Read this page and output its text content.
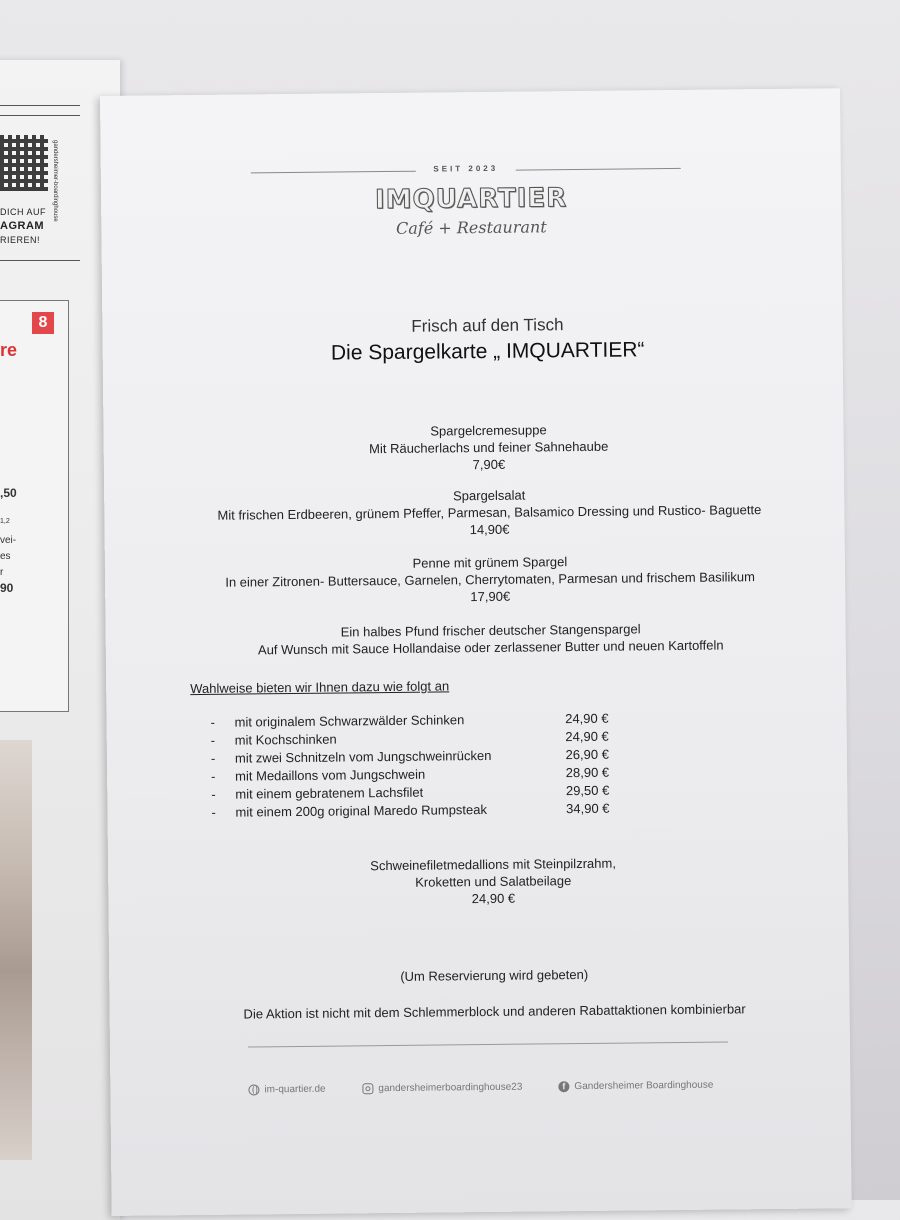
gandersheimer-boardinghouse
DICH AUF
AGRAM
RIEREN!
8
re
,50
1,2
vei-
es
r
90
SEIT 2023
IMQUARTIER
Café + Restaurant
Frisch auf den Tisch
Die Spargelkarte „ IMQUARTIER“
Spargelcremesuppe
Mit Räucherlachs und feiner Sahnehaube
7,90€
Spargelsalat
Mit frischen Erdbeeren, grünem Pfeffer, Parmesan, Balsamico Dressing und Rustico- Baguette
14,90€
Penne mit grünem Spargel
In einer Zitronen- Buttersauce, Garnelen, Cherrytomaten, Parmesan und frischem Basilikum
17,90€
Ein halbes Pfund frischer deutscher Stangenspargel
Auf Wunsch mit Sauce Hollandaise oder zerlassener Butter und neuen Kartoffeln
Wahlweise bieten wir Ihnen dazu wie folgt an
- mit originalem Schwarzwälder Schinken	24,90 €
- mit Kochschinken	24,90 €
- mit zwei Schnitzeln vom Jungschweinrücken	26,90 €
- mit Medaillons vom Jungschwein	28,90 €
- mit einem gebratenem Lachsfilet	29,50 €
- mit einem 200g original Maredo Rumpsteak	34,90 €
Schweinefiletmedallions mit Steinpilzrahm,
Kroketten und Salatbeilage
24,90 €
(Um Reservierung wird gebeten)
Die Aktion ist nicht mit dem Schlemmerblock und anderen Rabattaktionen kombinierbar
im-quartier.de	gandersheimerboardinghouse23	f Gandersheimer Boardinghouse
